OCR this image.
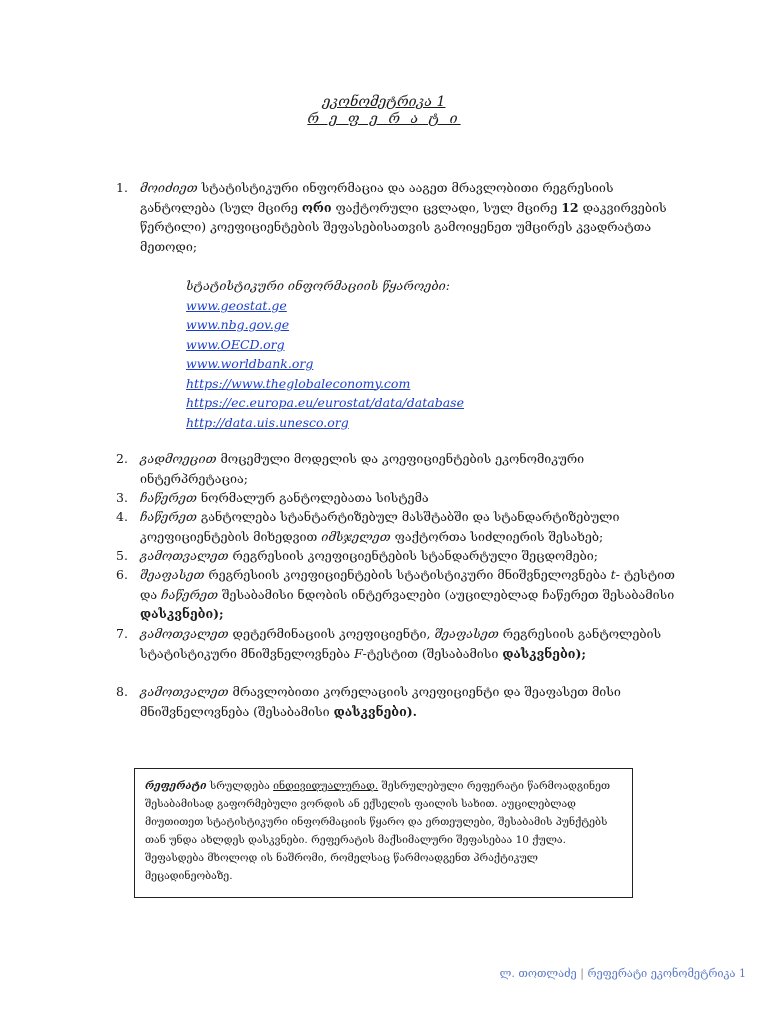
ეკონომეტრიკა 1
რ ე ფ ე რ ა ტ ი
1. მოიძიეთ სტატისტიკური ინფორმაცია და ააგეთ მრავლობითი რეგრესიის განტოლება (სულ მცირე ორი ფაქტორული ცვლადი, სულ მცირე 12 დაკვირვების წერტილი) კოეფიციენტების შეფასებისათვის გამოიყენეთ უმცირეს კვადრატთა მეთოდი;
სტატისტიკური ინფორმაციის წყაროები:
www.geostat.ge
www.nbg.gov.ge
www.OECD.org
www.worldbank.org
https://www.theglobaleconomy.com
https://ec.europa.eu/eurostat/data/database
http://data.uis.unesco.org
2. გადმოეცით მოცემული მოდელის და კოეფიციენტების ეკონომიკური ინტერპრეტაცია;
3. ჩაწერეთ ნორმალურ განტოლებათა სისტემა
4. ჩაწერეთ განტოლება სტანტარტიზებულ მასშტაბში და სტანდარტიზებული კოეფიციენტების მიხედვით იმსჯელეთ ფაქტორთა სიძლიერის შესახებ;
5. გამოთვალეთ რეგრესიის კოეფიციენტების სტანდარტული შეცდომები;
6. შეაფასეთ რეგრესიის კოეფიციენტების სტატისტიკური მნიშვნელოვნება t- ტესტით და ჩაწერეთ შესაბამისი ნდობის ინტერვალები (აუცილებლად ჩაწერეთ შესაბამისი დასკვნები);
7. გამოთვალეთ დეტერმინაციის კოეფიციენტი, შეაფასეთ რეგრესიის განტოლების სტატისტიკური მნიშვნელოვნება F-ტესტით (შესაბამისი დასკვნები);
8. გამოთვალეთ მრავლობითი კორელაციის კოეფიციენტი და შეაფასეთ მისი მნიშვნელოვნება (შესაბამისი დასკვნები).
რეფერატი სრულდება ინდივიდუალურად. შესრულებული რეფერატი წარმოადგინეთ შესაბამისად გაფორმებული ვორდის ან ექსელის ფაილის სახით. აუცილებლად მიუთითეთ სტატისტიკური ინფორმაციის წყარო და ერთეულები, შესაბამის პუნქტებს თან უნდა ახლდეს დასკვნები. რეფერატის მაქსიმალური შეფასებაა 10 ქულა. შეფასდება მხოლოდ ის ნაშრომი, რომელსაც წარმოადგენთ პრაქტიკულ მეცადინეობაზე.
ლ. თოთლაძე | რეფერატი ეკონომეტრიკა 1
